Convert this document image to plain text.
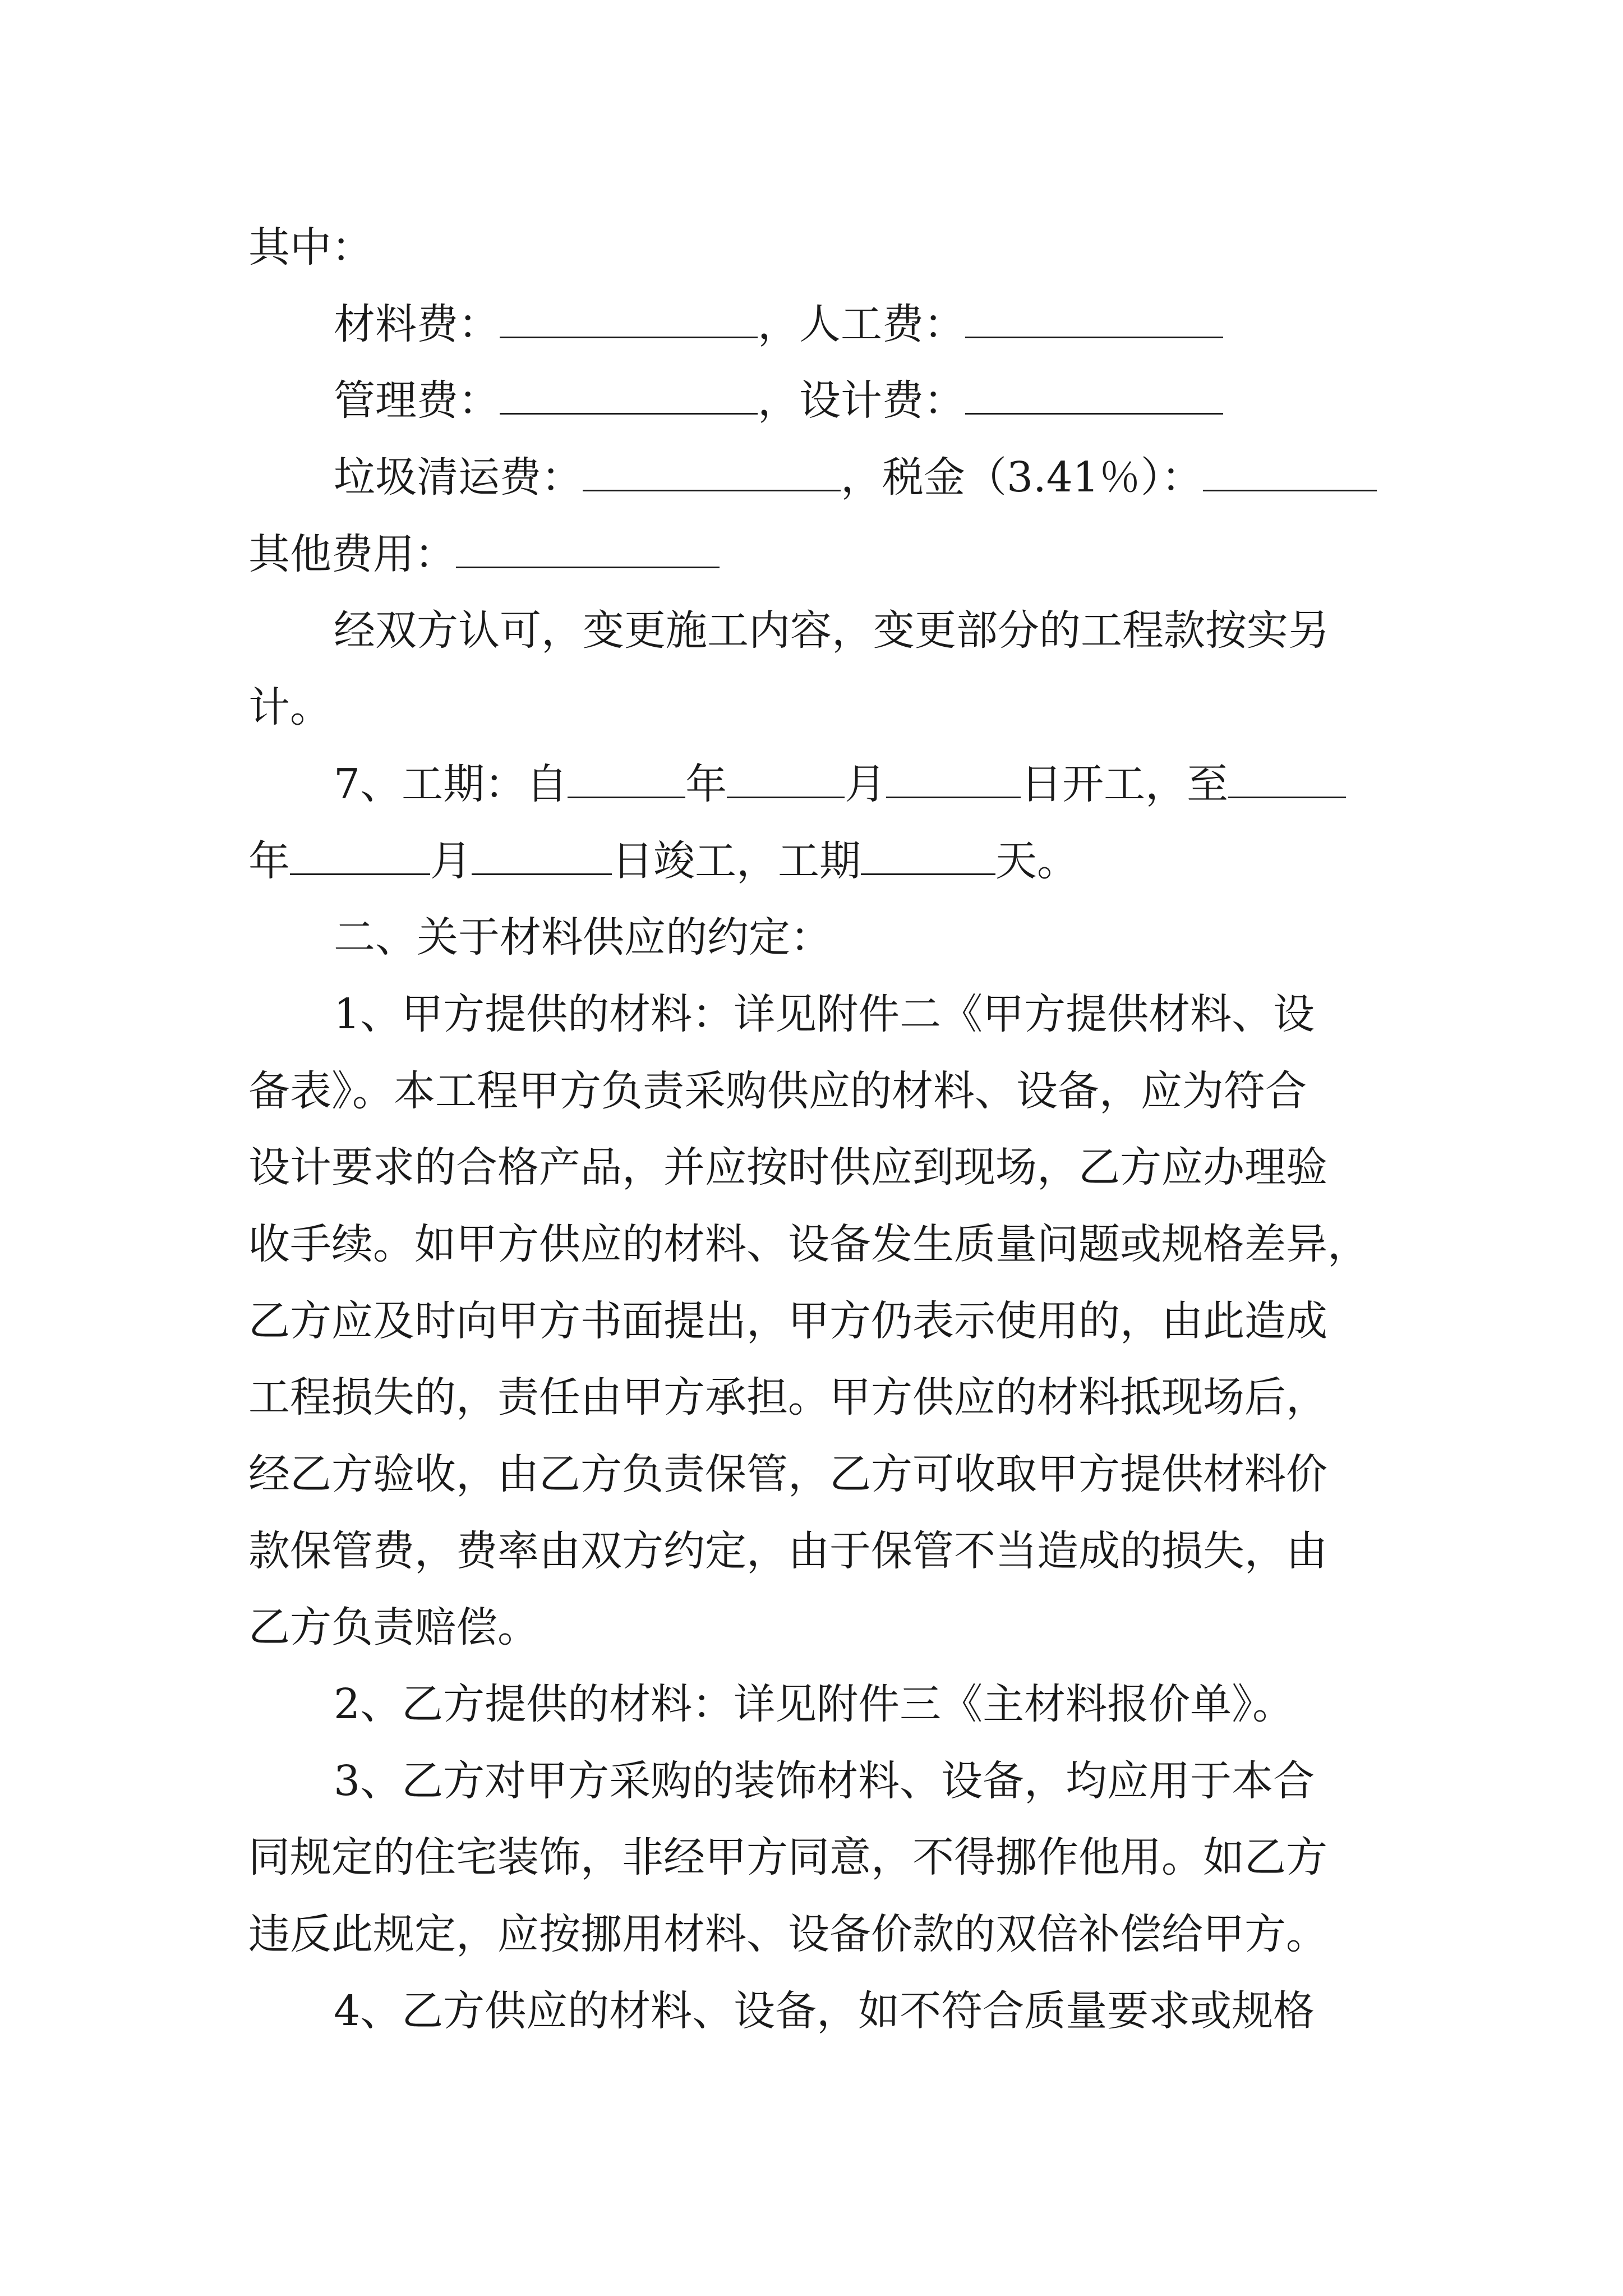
其中：
材料费：	，人工费：
管理费：	，设计费：
垃圾清运费：	，税金（3.41％）：
其他费用：
经双方认可，变更施工内容，变更部分的工程款按实另
计。
7、工期：自	年	月	日开工，至
年	月	日竣工，工期	天。
二、关于材料供应的约定：
1、甲方提供的材料：详见附件二《甲方提供材料、设
备表》。本工程甲方负责采购供应的材料、设备，应为符合
设计要求的合格产品，并应按时供应到现场，乙方应办理验
收手续。如甲方供应的材料、设备发生质量问题或规格差异，
乙方应及时向甲方书面提出，甲方仍表示使用的，由此造成
工程损失的，责任由甲方承担。甲方供应的材料抵现场后，
经乙方验收，由乙方负责保管，乙方可收取甲方提供材料价
款保管费，费率由双方约定，由于保管不当造成的损失，由
乙方负责赔偿。
2、乙方提供的材料：详见附件三《主材料报价单》。
3、乙方对甲方采购的装饰材料、设备，均应用于本合
同规定的住宅装饰，非经甲方同意，不得挪作他用。如乙方
违反此规定，应按挪用材料、设备价款的双倍补偿给甲方。
4、乙方供应的材料、设备，如不符合质量要求或规格
